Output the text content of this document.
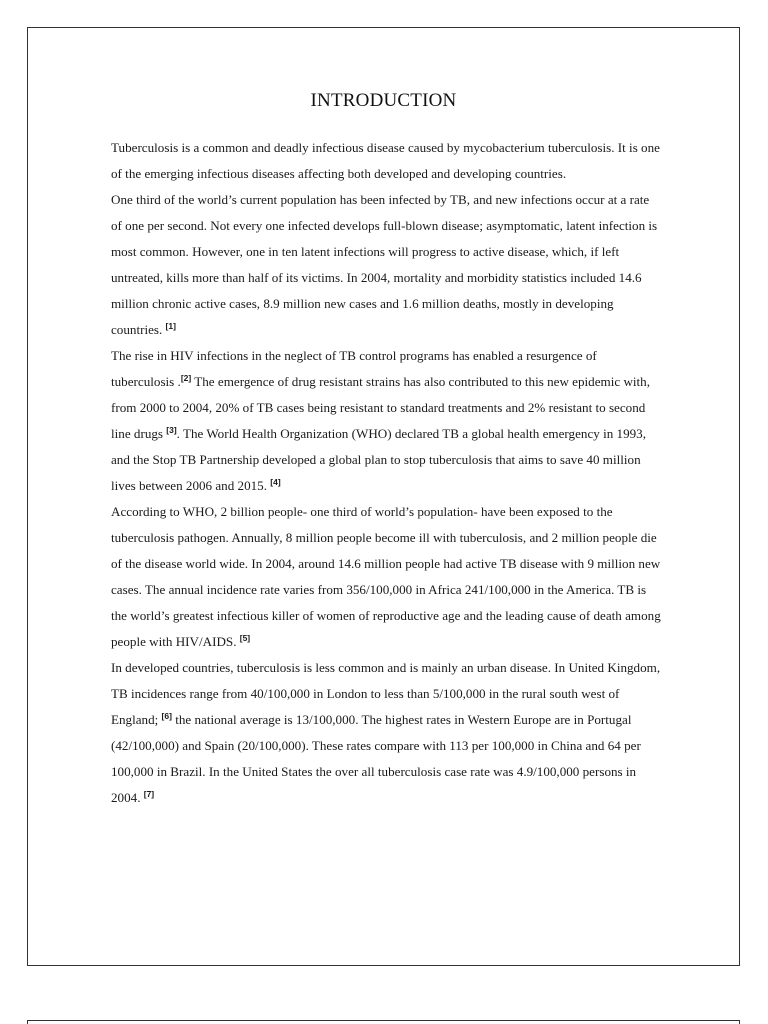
INTRODUCTION

Tuberculosis is a common and deadly infectious disease caused by mycobacterium tuberculosis. It is one of the emerging infectious diseases affecting both developed and developing countries.

One third of the world’s current population has been infected by TB, and new infections occur at a rate of one per second. Not every one infected develops full-blown disease; asymptomatic, latent infection is most common. However, one in ten latent infections will progress to active disease, which, if left untreated, kills more than half of its victims. In 2004, mortality and morbidity statistics included 14.6 million chronic active cases, 8.9 million new cases and 1.6 million deaths, mostly in developing countries. [1]

The rise in HIV infections in the neglect of TB control programs has enabled a resurgence of tuberculosis .[2] The emergence of drug resistant strains has also contributed to this new epidemic with, from 2000 to 2004, 20% of TB cases being resistant to standard treatments and 2% resistant to second line drugs [3]. The World Health Organization (WHO) declared TB a global health emergency in 1993, and the Stop TB Partnership developed a global plan to stop tuberculosis that aims to save 40 million lives between 2006 and 2015. [4]

According to WHO, 2 billion people- one third of world’s population- have been exposed to the tuberculosis pathogen. Annually, 8 million people become ill with tuberculosis, and 2 million people die of the disease world wide. In 2004, around 14.6 million people had active TB disease with 9 million new cases. The annual incidence rate varies from 356/100,000 in Africa 241/100,000 in the America. TB is the world’s greatest infectious killer of women of reproductive age and the leading cause of death among people with HIV/AIDS. [5]

In developed countries, tuberculosis is less common and is mainly an urban disease. In United Kingdom, TB incidences range from 40/100,000 in London to less than 5/100,000 in the rural south west of England; [6] the national average is 13/100,000. The highest rates in Western Europe are in Portugal (42/100,000) and Spain (20/100,000). These rates compare with 113 per 100,000 in China and 64 per 100,000 in Brazil. In the United States the over all tuberculosis case rate was 4.9/100,000 persons in 2004. [7]
